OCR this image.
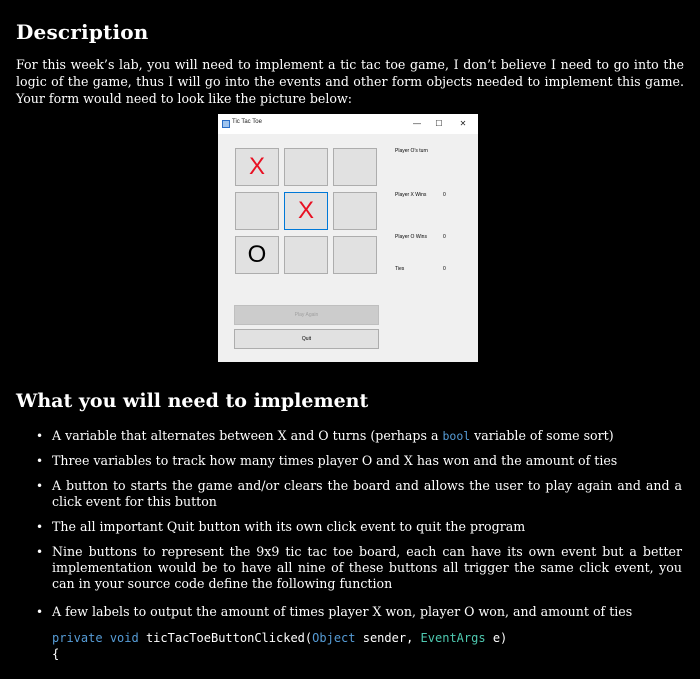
Description
For this week’s lab, you will need to implement a tic tac toe game, I don’t believe I need to go into the logic of the game, thus I will go into the events and other form objects needed to implement this game. Your form would need to look like the picture below:
Tic Tac Toe	—	☐	✕
X
X
O
Player O's turn
Player X Wins	0
Player O Wins	0
Ties	0
Play Again
Quit
What you will need to implement
• A variable that alternates between X and O turns (perhaps a bool variable of some sort)
• Three variables to track how many times player O and X has won and the amount of ties
• A button to starts the game and/or clears the board and allows the user to play again and and a click event for this button
• The all important Quit button with its own click event to quit the program
• Nine buttons to represent the 9x9 tic tac toe board, each can have its own event but a better implementation would be to have all nine of these buttons all trigger the same click event, you can in your source code define the following function
• A few labels to output the amount of times player X won, player O won, and amount of ties
private void ticTacToeButtonClicked(Object sender, EventArgs e)
{
